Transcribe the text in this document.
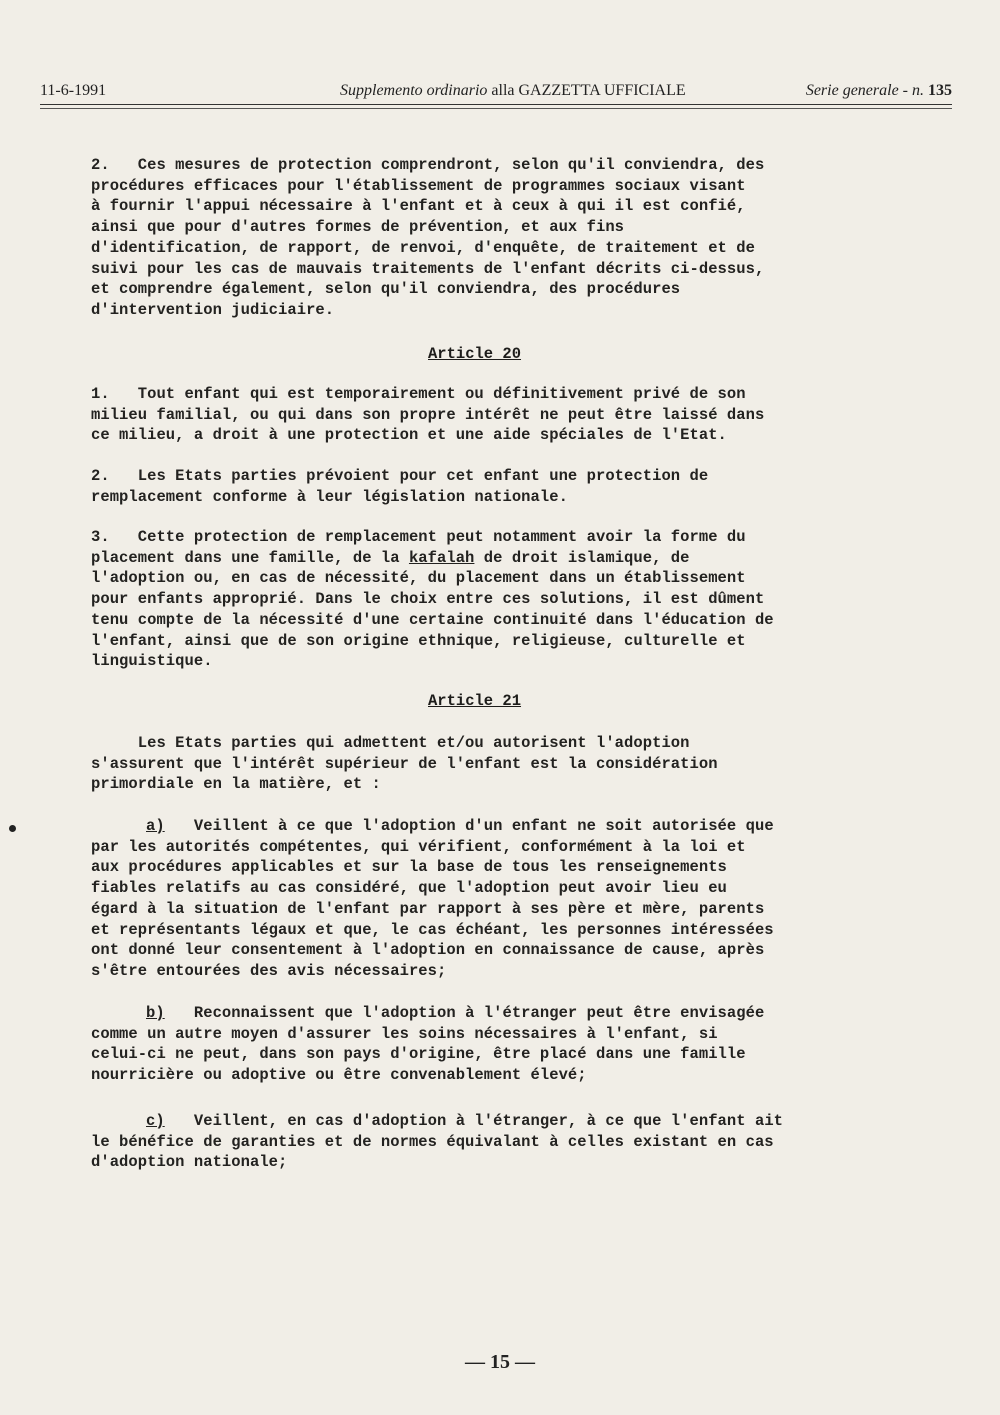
11-6-1991	Supplemento ordinario alla GAZZETTA UFFICIALE	Serie generale - n. 135
2.   Ces mesures de protection comprendront, selon qu'il conviendra, des
procédures efficaces pour l'établissement de programmes sociaux visant
à fournir l'appui nécessaire à l'enfant et à ceux à qui il est confié,
ainsi que pour d'autres formes de prévention, et aux fins
d'identification, de rapport, de renvoi, d'enquête, de traitement et de
suivi pour les cas de mauvais traitements de l'enfant décrits ci-dessus,
et comprendre également, selon qu'il conviendra, des procédures
d'intervention judiciaire.
Article 20
1.   Tout enfant qui est temporairement ou définitivement privé de son
milieu familial, ou qui dans son propre intérêt ne peut être laissé dans
ce milieu, a droit à une protection et une aide spéciales de l'Etat.
2.   Les Etats parties prévoient pour cet enfant une protection de
remplacement conforme à leur législation nationale.
3.   Cette protection de remplacement peut notamment avoir la forme du
placement dans une famille, de la kafalah de droit islamique, de
l'adoption ou, en cas de nécessité, du placement dans un établissement
pour enfants approprié. Dans le choix entre ces solutions, il est dûment
tenu compte de la nécessité d'une certaine continuité dans l'éducation de
l'enfant, ainsi que de son origine ethnique, religieuse, culturelle et
linguistique.
Article 21
Les Etats parties qui admettent et/ou autorisent l'adoption
s'assurent que l'intérêt supérieur de l'enfant est la considération
primordiale en la matière, et :
a)	Veillent à ce que l'adoption d'un enfant ne soit autorisée que
par les autorités compétentes, qui vérifient, conformément à la loi et
aux procédures applicables et sur la base de tous les renseignements
fiables relatifs au cas considéré, que l'adoption peut avoir lieu eu
égard à la situation de l'enfant par rapport à ses père et mère, parents
et représentants légaux et que, le cas échéant, les personnes intéressées
ont donné leur consentement à l'adoption en connaissance de cause, après
s'être entourées des avis nécessaires;
b)	Reconnaissent que l'adoption à l'étranger peut être envisagée
comme un autre moyen d'assurer les soins nécessaires à l'enfant, si
celui-ci ne peut, dans son pays d'origine, être placé dans une famille
nourricière ou adoptive ou être convenablement élevé;
c)	Veillent, en cas d'adoption à l'étranger, à ce que l'enfant ait
le bénéfice de garanties et de normes équivalant à celles existant en cas
d'adoption nationale;
— 15 —
